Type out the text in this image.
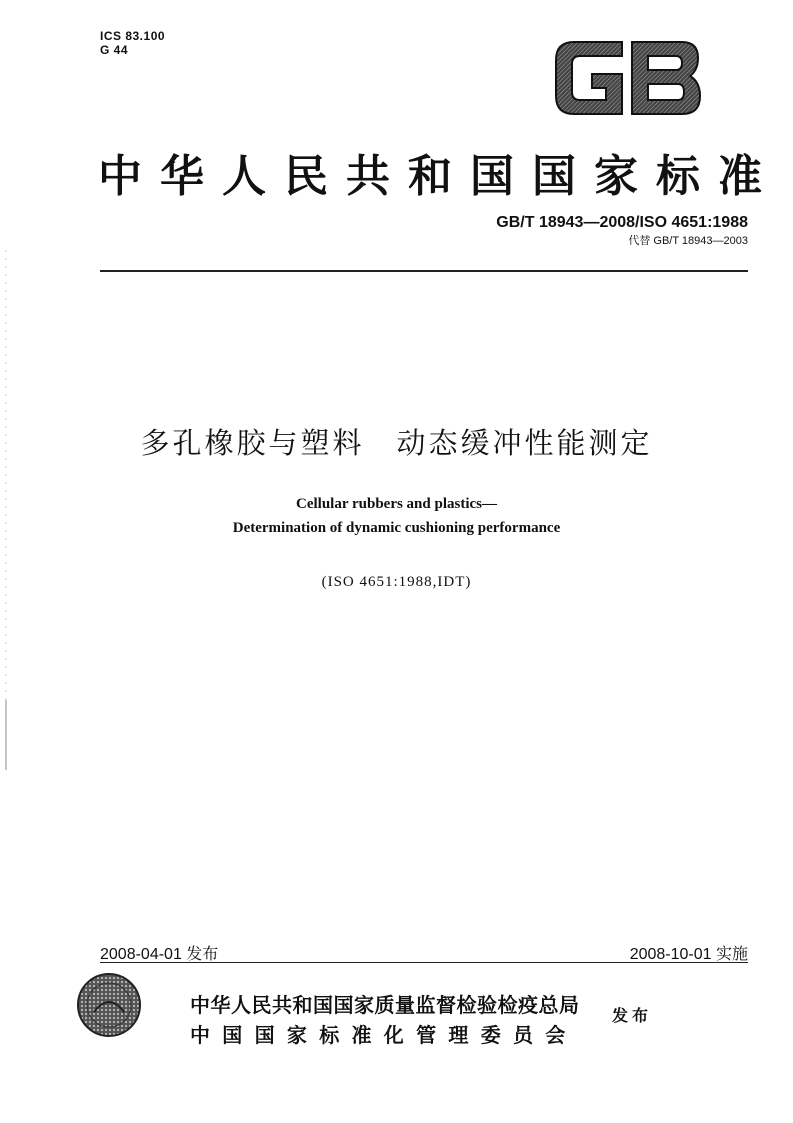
ICS 83.100
G 44
GB
中华人民共和国国家标准
GB/T 18943—2008/ISO 4651:1988
代替 GB/T 18943—2003
多孔橡胶与塑料　动态缓冲性能测定
Cellular rubbers and plastics—
Determination of dynamic cushioning performance
(ISO 4651:1988,IDT)
2008-04-01 发布	2008-10-01 实施
中华人民共和国国家质量监督检验检疫总局
中国国家标准化管理委员会
发布
